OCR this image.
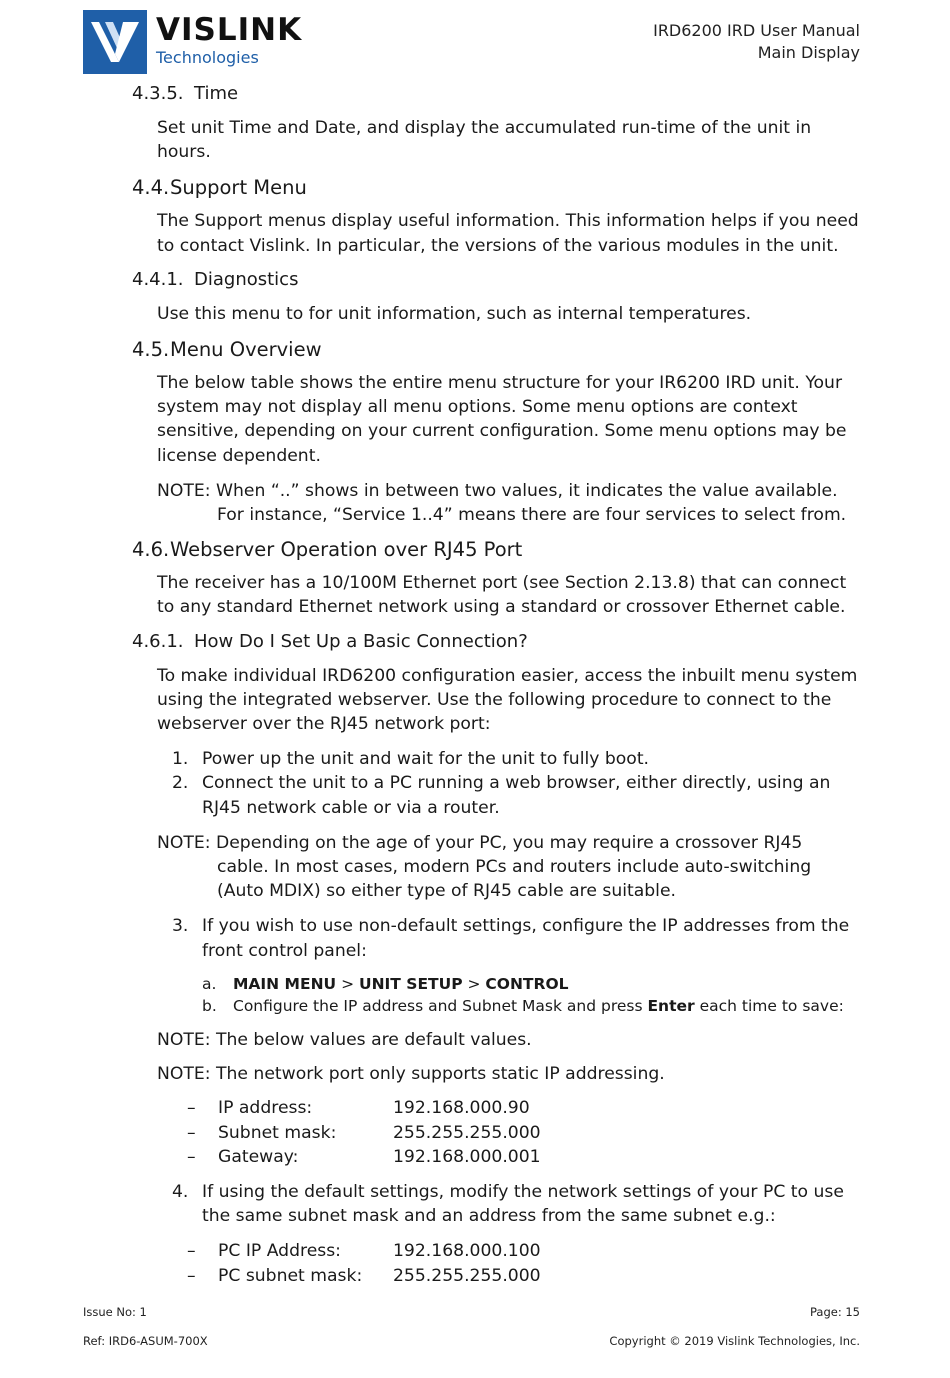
VISLINK
Technologies
IRD6200 IRD User Manual
Main Display
4.3.5. Time
Set unit Time and Date, and display the accumulated run-time of the unit in hours.
4.4. Support Menu
The Support menus display useful information. This information helps if you need to contact Vislink. In particular, the versions of the various modules in the unit.
4.4.1. Diagnostics
Use this menu to for unit information, such as internal temperatures.
4.5. Menu Overview
The below table shows the entire menu structure for your IR6200 IRD unit. Your system may not display all menu options. Some menu options are context sensitive, depending on your current configuration. Some menu options may be license dependent.
NOTE: When “..” shows in between two values, it indicates the value available.
For instance, “Service 1..4” means there are four services to select from.
4.6. Webserver Operation over RJ45 Port
The receiver has a 10/100M Ethernet port (see Section 2.13.8) that can connect to any standard Ethernet network using a standard or crossover Ethernet cable.
4.6.1. How Do I Set Up a Basic Connection?
To make individual IRD6200 configuration easier, access the inbuilt menu system using the integrated webserver. Use the following procedure to connect to the webserver over the RJ45 network port:
1. Power up the unit and wait for the unit to fully boot.
2. Connect the unit to a PC running a web browser, either directly, using an RJ45 network cable or via a router.
NOTE: Depending on the age of your PC, you may require a crossover RJ45
cable. In most cases, modern PCs and routers include auto-switching
(Auto MDIX) so either type of RJ45 cable are suitable.
3. If you wish to use non-default settings, configure the IP addresses from the front control panel:
a.	MAIN MENU > UNIT SETUP > CONTROL
b.	Configure the IP address and Subnet Mask and press Enter each time to save:
NOTE: The below values are default values.
NOTE: The network port only supports static IP addressing.
–	IP address:	192.168.000.90
–	Subnet mask:	255.255.255.000
–	Gateway:	192.168.000.001
4. If using the default settings, modify the network settings of your PC to use the same subnet mask and an address from the same subnet e.g.:
–	PC IP Address:	192.168.000.100
–	PC subnet mask:	255.255.255.000
Issue No: 1	Page: 15
Ref: IRD6-ASUM-700X	Copyright © 2019 Vislink Technologies, Inc.
